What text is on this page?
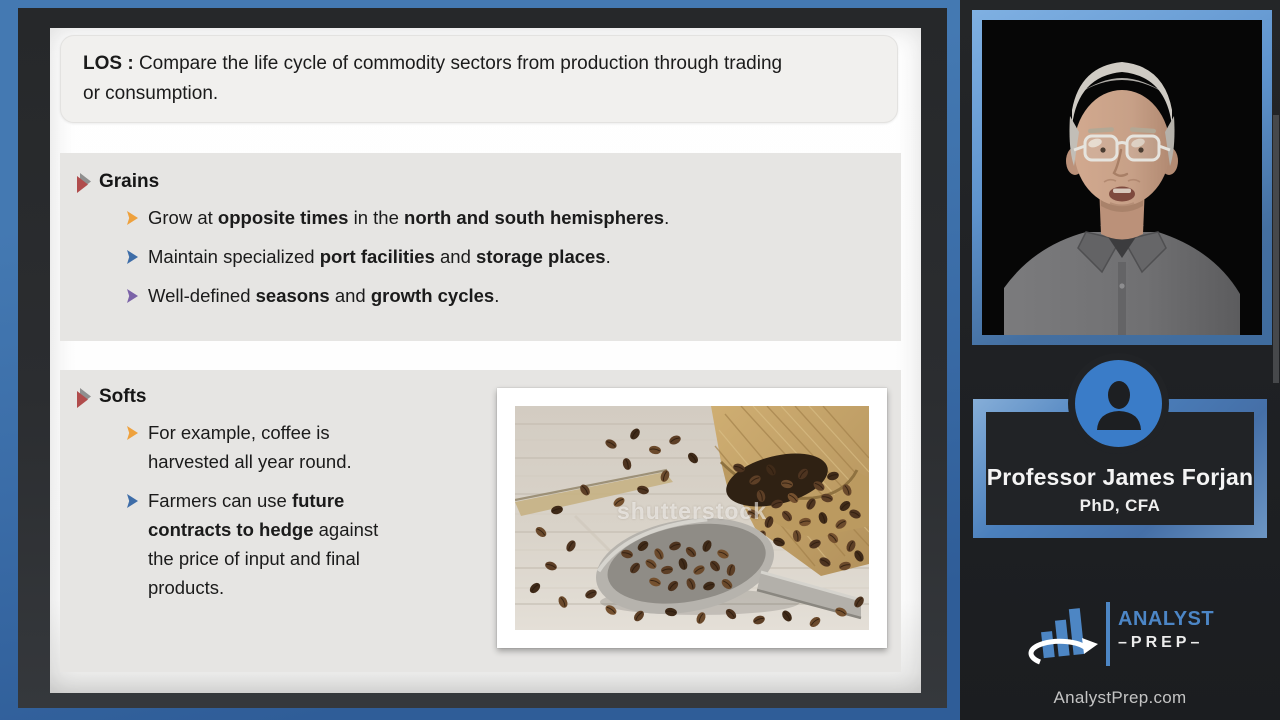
LOS : Compare the life cycle of commodity sectors from production through trading
or consumption.

Grains
Grow at opposite times in the north and south hemispheres.
Maintain specialized port facilities and storage places.
Well-defined seasons and growth cycles.
Softs
For example, coffee is
harvested all year round.
Farmers can use future
contracts to hedge against
the price of input and final
products.
shutterstock
Professor James Forjan
PhD, CFA
ANALYST
–PREP–
AnalystPrep.com
